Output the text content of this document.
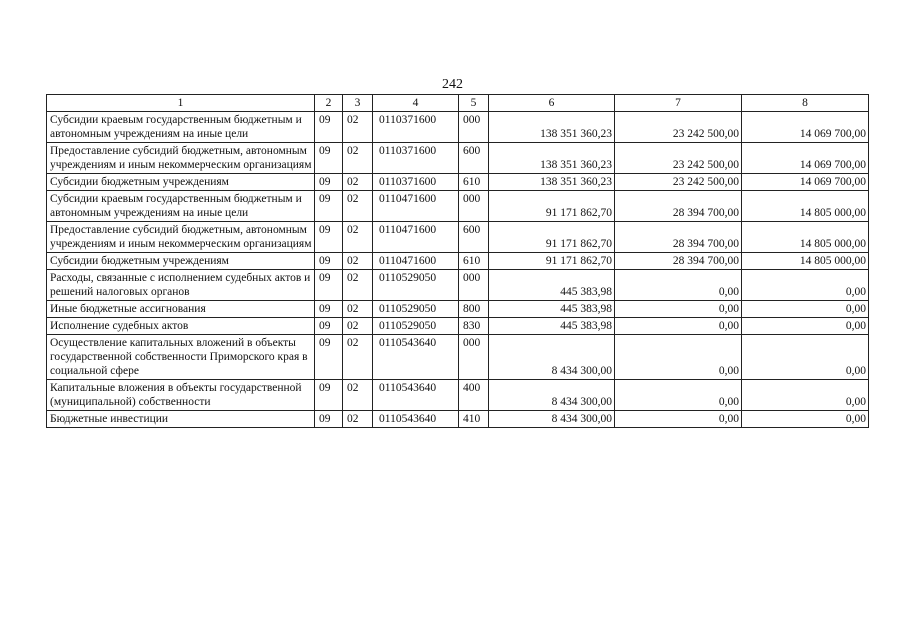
242
1	2	3	4	5	6	7	8
Субсидии краевым государственным бюджетным и автономным учреждениям на иные цели	09	02	0110371600	000	138 351 360,23	23 242 500,00	14 069 700,00
Предоставление субсидий бюджетным, автономным учреждениям и иным некоммерческим организациям	09	02	0110371600	600	138 351 360,23	23 242 500,00	14 069 700,00
Субсидии бюджетным учреждениям	09	02	0110371600	610	138 351 360,23	23 242 500,00	14 069 700,00
Субсидии краевым государственным бюджетным и автономным учреждениям на иные цели	09	02	0110471600	000	91 171 862,70	28 394 700,00	14 805 000,00
Предоставление субсидий бюджетным, автономным учреждениям и иным некоммерческим организациям	09	02	0110471600	600	91 171 862,70	28 394 700,00	14 805 000,00
Субсидии бюджетным учреждениям	09	02	0110471600	610	91 171 862,70	28 394 700,00	14 805 000,00
Расходы, связанные с исполнением судебных актов и решений налоговых органов	09	02	0110529050	000	445 383,98	0,00	0,00
Иные бюджетные ассигнования	09	02	0110529050	800	445 383,98	0,00	0,00
Исполнение судебных актов	09	02	0110529050	830	445 383,98	0,00	0,00
Осуществление капитальных вложений в объекты государственной собственности Приморского края в социальной сфере	09	02	0110543640	000	8 434 300,00	0,00	0,00
Капитальные вложения в объекты государственной (муниципальной) собственности	09	02	0110543640	400	8 434 300,00	0,00	0,00
Бюджетные инвестиции	09	02	0110543640	410	8 434 300,00	0,00	0,00
